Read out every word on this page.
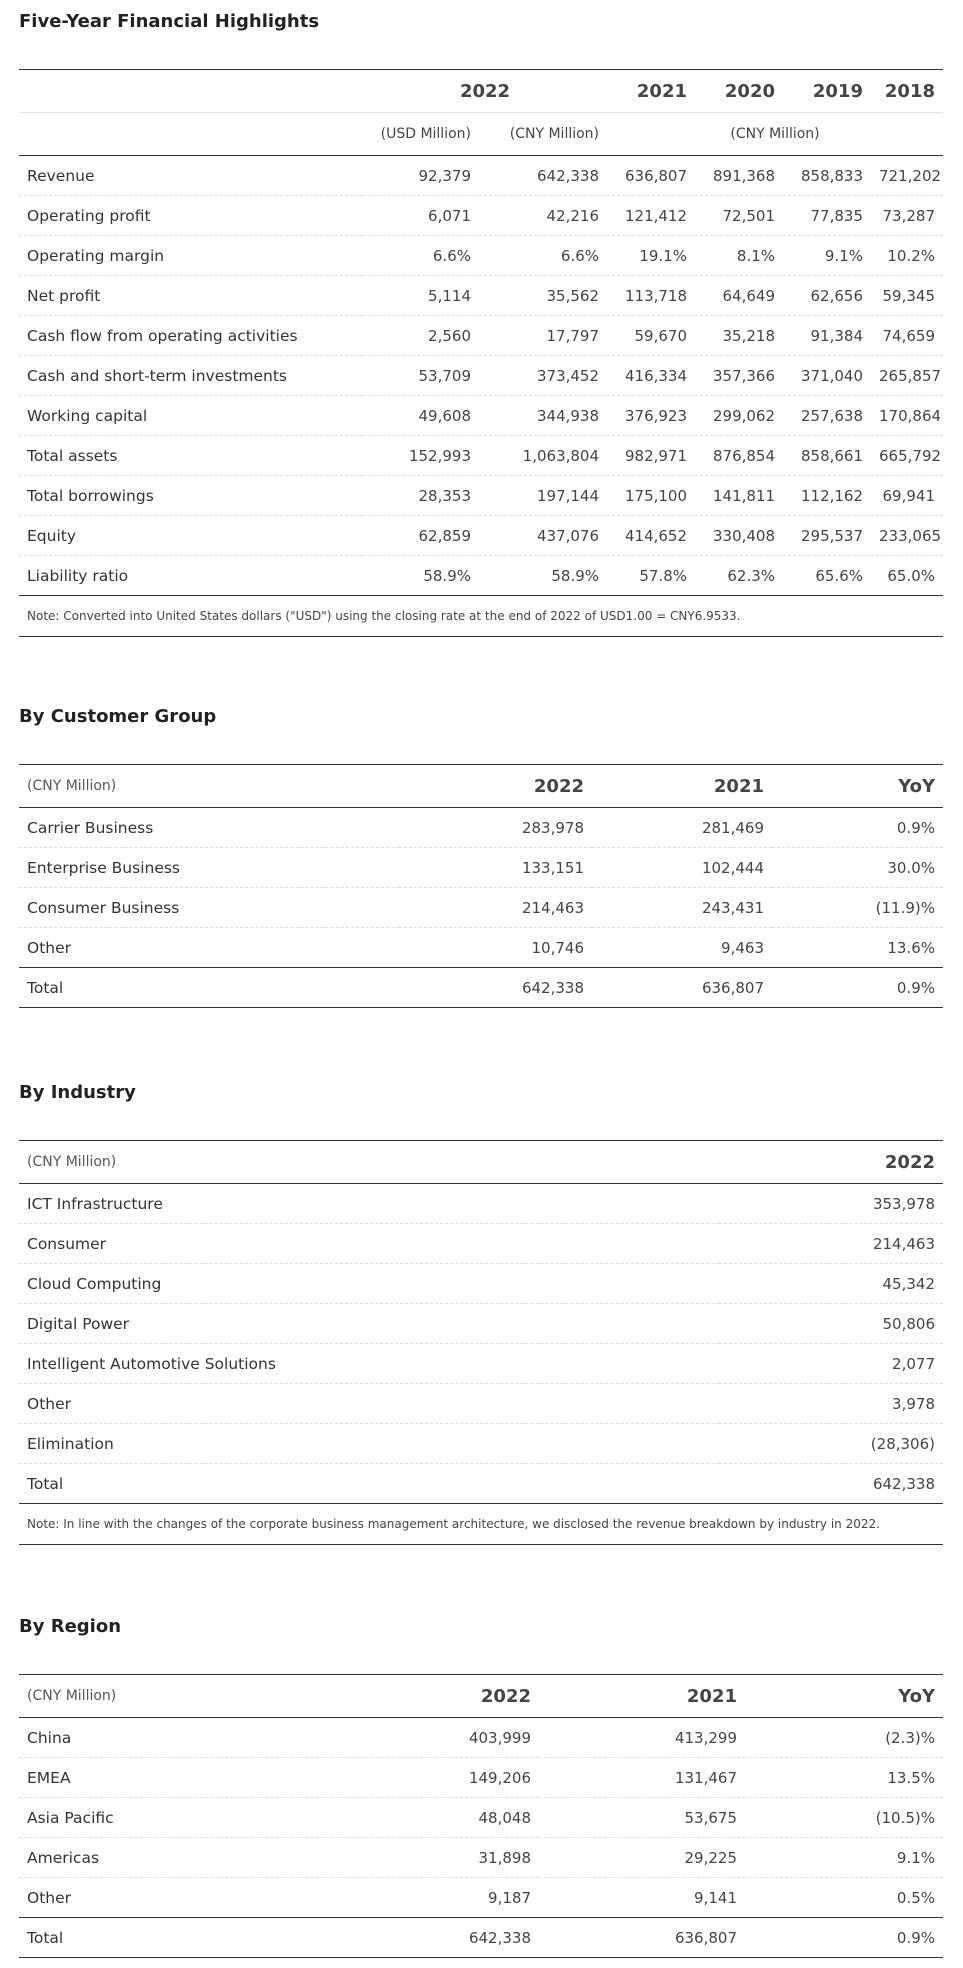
Five-Year Financial Highlights
	2022		2021	2020	2019	2018
	(USD Million)	(CNY Million)	(CNY Million)			
Revenue	92,379	642,338	636,807	891,368	858,833	721,202
Operating profit	6,071	42,216	121,412	72,501	77,835	73,287
Operating margin	6.6%	6.6%	19.1%	8.1%	9.1%	10.2%
Net profit	5,114	35,562	113,718	64,649	62,656	59,345
Cash flow from operating activities	2,560	17,797	59,670	35,218	91,384	74,659
Cash and short-term investments	53,709	373,452	416,334	357,366	371,040	265,857
Working capital	49,608	344,938	376,923	299,062	257,638	170,864
Total assets	152,993	1,063,804	982,971	876,854	858,661	665,792
Total borrowings	28,353	197,144	175,100	141,811	112,162	69,941
Equity	62,859	437,076	414,652	330,408	295,537	233,065
Liability ratio	58.9%	58.9%	57.8%	62.3%	65.6%	65.0%
Note: Converted into United States dollars ("USD") using the closing rate at the end of 2022 of USD1.00 = CNY6.9533.
By Customer Group
(CNY Million)	2022	2021	YoY
Carrier Business	283,978	281,469	0.9%
Enterprise Business	133,151	102,444	30.0%
Consumer Business	214,463	243,431	(11.9)%
Other	10,746	9,463	13.6%
Total	642,338	636,807	0.9%
By Industry
(CNY Million)	2022
ICT Infrastructure	353,978
Consumer	214,463
Cloud Computing	45,342
Digital Power	50,806
Intelligent Automotive Solutions	2,077
Other	3,978
Elimination	(28,306)
Total	642,338
Note: In line with the changes of the corporate business management architecture, we disclosed the revenue breakdown by industry in 2022.
By Region
(CNY Million)	2022	2021	YoY
China	403,999	413,299	(2.3)%
EMEA	149,206	131,467	13.5%
Asia Pacific	48,048	53,675	(10.5)%
Americas	31,898	29,225	9.1%
Other	9,187	9,141	0.5%
Total	642,338	636,807	0.9%
